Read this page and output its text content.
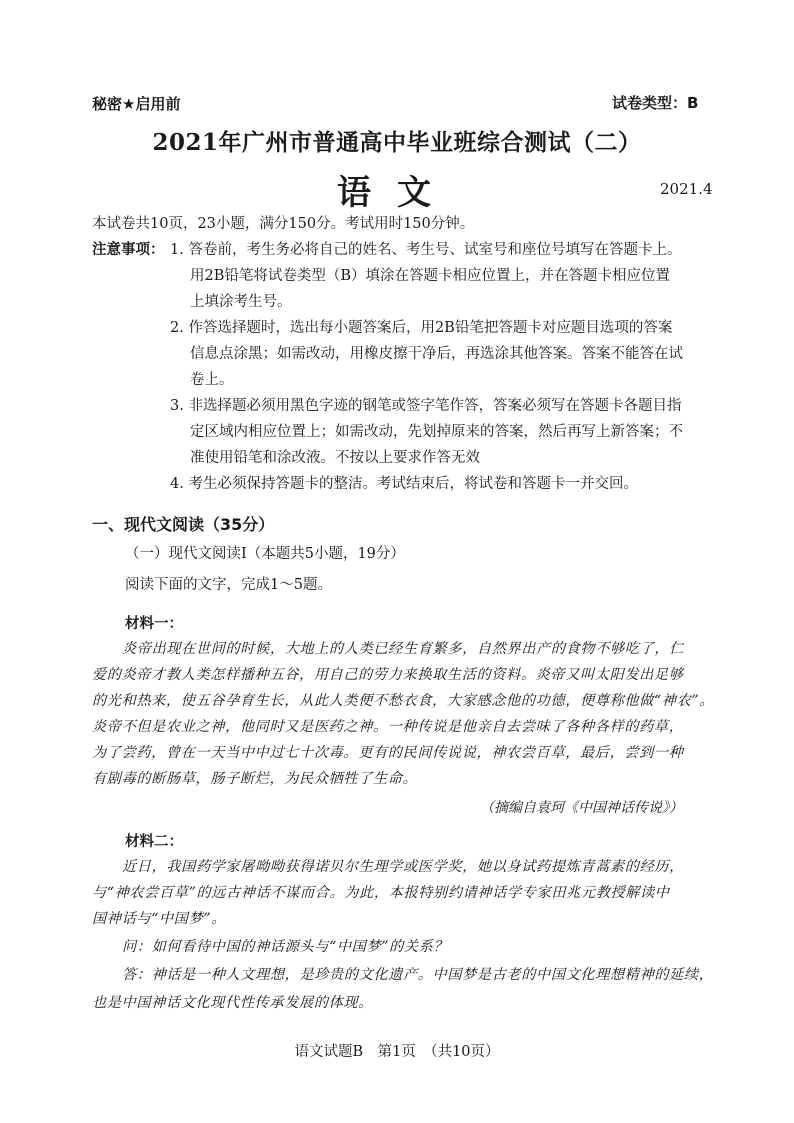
秘密★启用前	试卷类型：B
2021年广州市普通高中毕业班综合测试（二）
语文	2021.4
本试卷共10页，23小题，满分150分。考试用时150分钟。
注意事项： 1. 答卷前，考生务必将自己的姓名、考生号、试室号和座位号填写在答题卡上。
用2B铅笔将试卷类型（B）填涂在答题卡相应位置上，并在答题卡相应位置
上填涂考生号。
2. 作答选择题时，选出每小题答案后，用2B铅笔把答题卡对应题目选项的答案
信息点涂黑；如需改动，用橡皮擦干净后，再选涂其他答案。答案不能答在试
卷上。
3. 非选择题必须用黑色字迹的钢笔或签字笔作答，答案必须写在答题卡各题目指
定区域内相应位置上；如需改动，先划掉原来的答案，然后再写上新答案；不
准使用铅笔和涂改液。不按以上要求作答无效
4. 考生必须保持答题卡的整洁。考试结束后，将试卷和答题卡一并交回。
一、现代文阅读（35分）
（一）现代文阅读Ⅰ（本题共5小题，19分）
阅读下面的文字，完成1～5题。
材料一：
炎帝出现在世间的时候，大地上的人类已经生育繁多，自然界出产的食物不够吃了，仁
爱的炎帝才教人类怎样播种五谷，用自己的劳力来换取生活的资料。炎帝又叫太阳发出足够
的光和热来，使五谷孕育生长，从此人类便不愁衣食，大家感念他的功德，便尊称他做“神农”。
炎帝不但是农业之神，他同时又是医药之神。一种传说是他亲自去尝味了各种各样的药草，
为了尝药，曾在一天当中中过七十次毒。更有的民间传说说，神农尝百草，最后，尝到一种
有剧毒的断肠草，肠子断烂，为民众牺牲了生命。
（摘编自袁珂《中国神话传说》）
材料二：
近日，我国药学家屠呦呦获得诺贝尔生理学或医学奖，她以身试药提炼青蒿素的经历，
与“神农尝百草”的远古神话不谋而合。为此，本报特别约请神话学专家田兆元教授解读中
国神话与“中国梦”。
问：如何看待中国的神话源头与“中国梦”的关系？
答：神话是一种人文理想，是珍贵的文化遗产。中国梦是古老的中国文化理想精神的延续，
也是中国神话文化现代性传承发展的体现。
语文试题B　第1页　（共10页）
